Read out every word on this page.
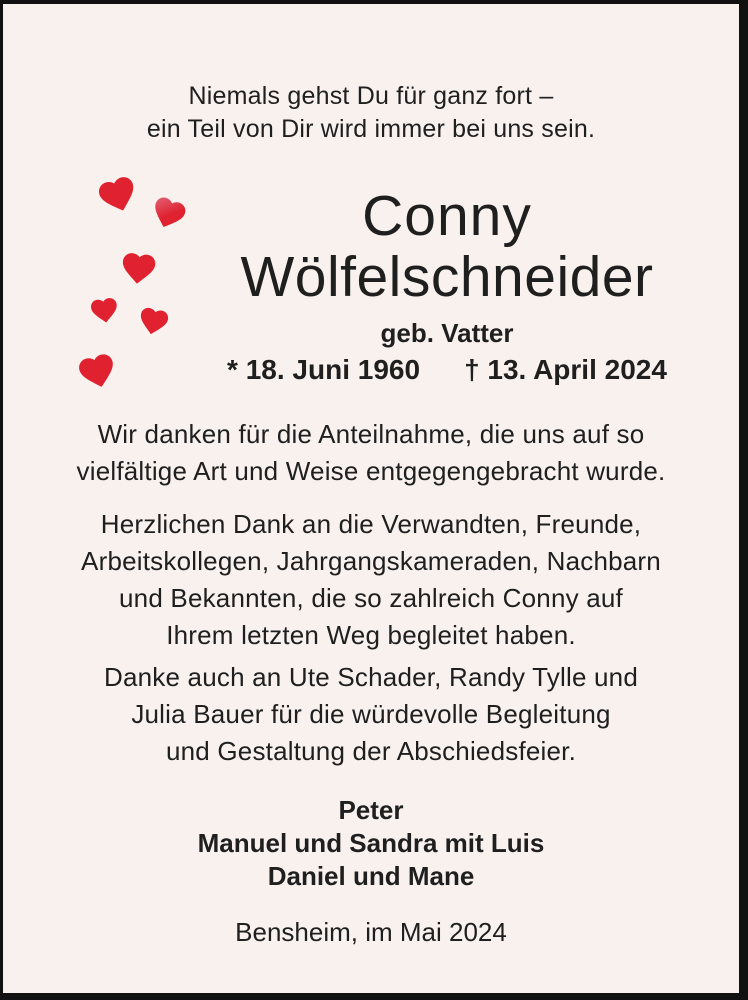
Niemals gehst Du für ganz fort –
ein Teil von Dir wird immer bei uns sein.
Conny
Wölfelschneider
geb. Vatter
* 18. Juni 1960 † 13. April 2024
Wir danken für die Anteilnahme, die uns auf so
vielfältige Art und Weise entgegengebracht wurde.
Herzlichen Dank an die Verwandten, Freunde,
Arbeitskollegen, Jahrgangskameraden, Nachbarn
und Bekannten, die so zahlreich Conny auf
Ihrem letzten Weg begleitet haben.
Danke auch an Ute Schader, Randy Tylle und
Julia Bauer für die würdevolle Begleitung
und Gestaltung der Abschiedsfeier.
Peter
Manuel und Sandra mit Luis
Daniel und Mane
Bensheim, im Mai 2024
